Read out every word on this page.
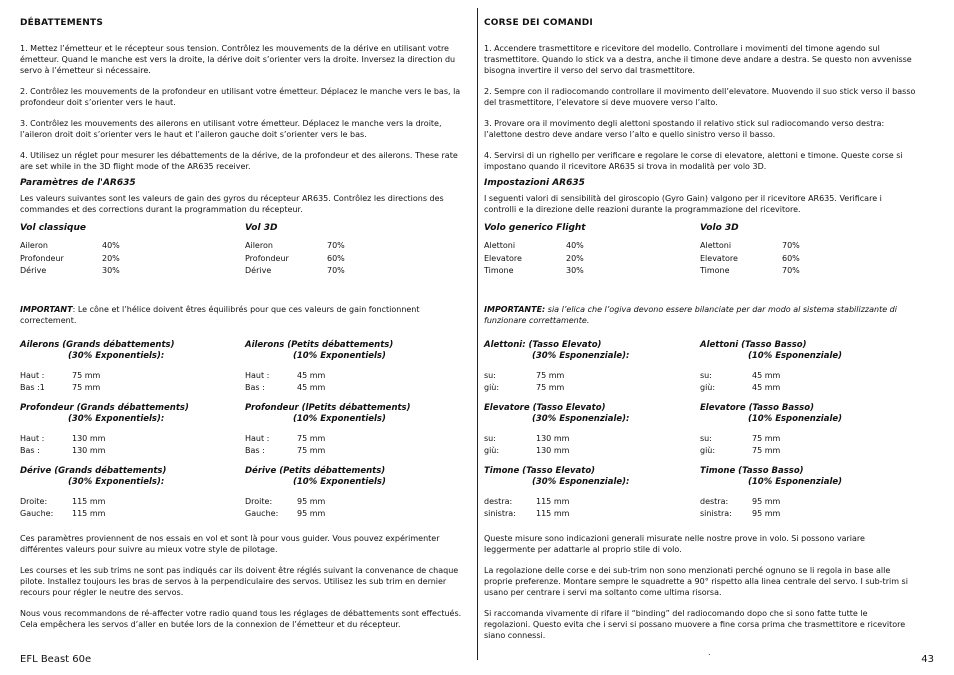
DÉBATTEMENTS

1. Mettez l’émetteur et le récepteur sous tension. Contrôlez les mouvements de la dérive en utilisant votre émetteur. Quand le manche est vers la droite, la dérive doit s’orienter vers la droite. Inversez la direction du servo à l’émetteur si nécessaire.

2. Contrôlez les mouvements de la profondeur en utilisant votre émetteur. Déplacez le manche vers le bas, la profondeur doit s’orienter vers le haut.

3. Contrôlez les mouvements des ailerons en utilisant votre émetteur. Déplacez le manche vers la droite, l’aileron droit doit s’orienter vers le haut et l’aileron gauche doit s’orienter vers le bas.

4. Utilisez un réglet pour mesurer les débattements de la dérive, de la profondeur et des ailerons. These rate are set while in the 3D flight mode of the AR635 receiver.

Paramètres de l'AR635

Les valeurs suivantes sont les valeurs de gain des gyros du récepteur AR635. Contrôlez les directions des commandes et des corrections durant la programmation du récepteur.

Vol classique
Aileron	40%
Profondeur	20%
Dérive	30%
Vol 3D
Aileron	70%
Profondeur	60%
Dérive	70%

IMPORTANT: Le cône et l’hélice doivent êtres équilibrés pour que ces valeurs de gain fonctionnent correctement.

Ailerons (Grands débattements)
(30% Exponentiels):
Haut :	75 mm
Bas :1	75 mm
Ailerons (Petits débattements)
(10% Exponentiels)
Haut :	45 mm
Bas :	45 mm
Profondeur (Grands débattements)
(30% Exponentiels):
Haut :	130 mm
Bas :	130 mm
Profondeur (lPetits débattements)
(10% Exponentiels)
Haut :	75 mm
Bas :	75 mm
Dérive (Grands débattements)
(30% Exponentiels):
Droite:	115 mm
Gauche:	115 mm
Dérive (Petits débattements)
(10% Exponentiels)
Droite:	95 mm
Gauche:	95 mm

Ces paramètres proviennent de nos essais en vol et sont là pour vous guider. Vous pouvez expérimenter différentes valeurs pour suivre au mieux votre style de pilotage.

Les courses et les sub trims ne sont pas indiqués car ils doivent être réglés suivant la convenance de chaque pilote. Installez toujours les bras de servos à la perpendiculaire des servos. Utilisez les sub trim en dernier recours pour régler le neutre des servos.

Nous vous recommandons de ré-affecter votre radio quand tous les réglages de débattements sont effectués. Cela empêchera les servos d’aller en butée lors de la connexion de l’émetteur et du récepteur.

CORSE DEI COMANDI

1. Accendere trasmettitore e ricevitore del modello. Controllare i movimenti del timone agendo sul trasmettitore. Quando lo stick va a destra, anche il timone deve andare a destra. Se questo non avvenisse bisogna invertire il verso del servo dal trasmettitore.

2. Sempre con il radiocomando controllare il movimento dell’elevatore. Muovendo il suo stick verso il basso del trasmettitore, l’elevatore si deve muovere verso l’alto.

3. Provare ora il movimento degli alettoni spostando il relativo stick sul radiocomando verso destra: l’alettone destro deve andare verso l’alto e quello sinistro verso il basso.

4. Servirsi di un righello per verificare e regolare le corse di elevatore, alettoni e timone. Queste corse si impostano quando il ricevitore AR635 si trova in modalità per volo 3D.

Impostazioni AR635

I seguenti valori di sensibilità del giroscopio (Gyro Gain) valgono per il ricevitore AR635. Verificare i controlli e la direzione delle reazioni durante la programmazione del ricevitore.

Volo generico Flight
Alettoni	40%
Elevatore	20%
Timone	30%
Volo 3D
Alettoni	70%
Elevatore	60%
Timone	70%

IMPORTANTE: sia l’elica che l’ogiva devono essere bilanciate per dar modo al sistema stabilizzante di funzionare correttamente.

Alettoni: (Tasso Elevato)
(30% Esponenziale):
su:	75 mm
giù:	75 mm
Alettoni (Tasso Basso)
(10% Esponenziale)
su:	45 mm
giù:	45 mm
Elevatore (Tasso Elevato)
(30% Esponenziale):
su:	130 mm
giù:	130 mm
Elevatore (Tasso Basso)
(10% Esponenziale)
su:	75 mm
giù:	75 mm
Timone (Tasso Elevato)
(30% Esponenziale):
destra:	115 mm
sinistra:	115 mm
Timone (Tasso Basso)
(10% Esponenziale)
destra:	95 mm
sinistra:	95 mm

Queste misure sono indicazioni generali misurate nelle nostre prove in volo. Si possono variare leggermente per adattarle al proprio stile di volo.

La regolazione delle corse e dei sub-trim non sono menzionati perché ognuno se li regola in base alle proprie preferenze. Montare sempre le squadrette a 90° rispetto alla linea centrale del servo. I sub-trim si usano per centrare i servi ma soltanto come ultima risorsa.

Si raccomanda vivamente di rifare il “binding” del radiocomando dopo che si sono fatte tutte le regolazioni. Questo evita che i servi si possano muovere a fine corsa prima che trasmettitore e ricevitore siano connessi.

.
EFL Beast 60e	43
